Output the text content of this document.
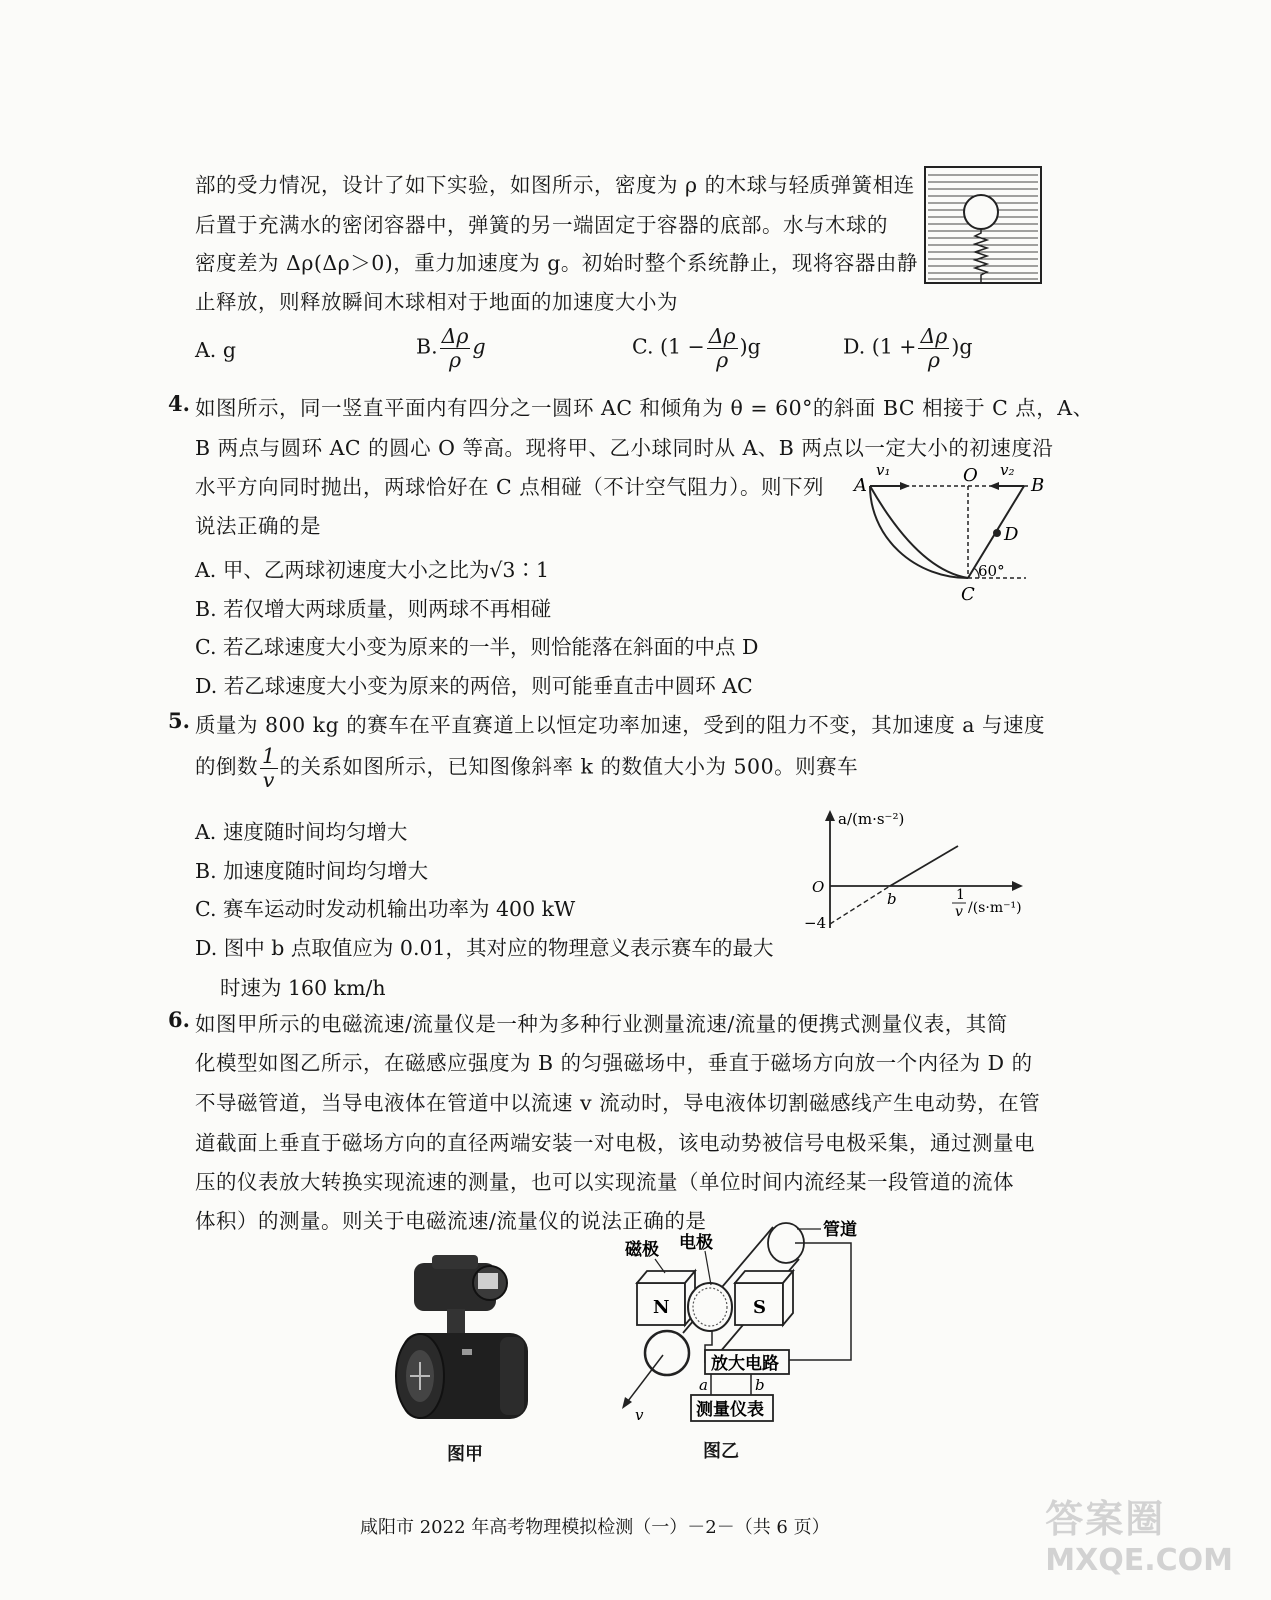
部的受力情况，设计了如下实验，如图所示，密度为 ρ 的木球与轻质弹簧相连
后置于充满水的密闭容器中，弹簧的另一端固定于容器的底部。水与木球的
密度差为 Δρ(Δρ＞0)，重力加速度为 g。初始时整个系统静止，现将容器由静
止释放，则释放瞬间木球相对于地面的加速度大小为
A. g	B. $\frac{\Delta\rho}{\rho}$ g	C. $(1 - \frac{\Delta\rho}{\rho} )g$	D. $(1 + \frac{\Delta\rho}{\rho} )g$
4. 如图所示，同一竖直平面内有四分之一圆环 AC 和倾角为 θ = 60°的斜面 BC 相接于 C 点，A、
B 两点与圆环 AC 的圆心 O 等高。现将甲、乙小球同时从 A、B 两点以一定大小的初速度沿
水平方向同时抛出，两球恰好在 C 点相碰（不计空气阻力）。则下列
说法正确的是
A	B
O
C
D
v₁	v₂
60°
A. 甲、乙两球初速度大小之比为√3∶1
B. 若仅增大两球质量，则两球不再相碰
C. 若乙球速度大小变为原来的一半，则恰能落在斜面的中点 D
D. 若乙球速度大小变为原来的两倍，则可能垂直击中圆环 AC
5. 质量为 800 kg 的赛车在平直赛道上以恒定功率加速，受到的阻力不变，其加速度 a 与速度
的倒数 $\frac{1}{v}$ 的关系如图所示，已知图像斜率 k 的数值大小为 500。则赛车
A. 速度随时间均匀增大
B. 加速度随时间均匀增大
C. 赛车运动时发动机输出功率为 400 kW
D. 图中 b 点取值应为 0.01，其对应的物理意义表示赛车的最大
时速为 160 km/h
a/(m·s⁻²)
O
b
−4
1
v /(s·m⁻¹)
6. 如图甲所示的电磁流速/流量仪是一种为多种行业测量流速/流量的便携式测量仪表，其简
化模型如图乙所示，在磁感应强度为 B 的匀强磁场中，垂直于磁场方向放一个内径为 D 的
不导磁管道，当导电液体在管道中以流速 v 流动时，导电液体切割磁感线产生电动势，在管
道截面上垂直于磁场方向的直径两端安装一对电极，该电动势被信号电极采集，通过测量电
压的仪表放大转换实现流速的测量，也可以实现流量（单位时间内流经某一段管道的流体
体积）的测量。则关于电磁流速/流量仪的说法正确的是
图甲
N	S
v
磁极 电极
管道
放大电路
a	b
测量仪表
图乙
咸阳市 2022 年高考物理模拟检测（一）－2－（共 6 页）	答案圈
MXQE.COM
